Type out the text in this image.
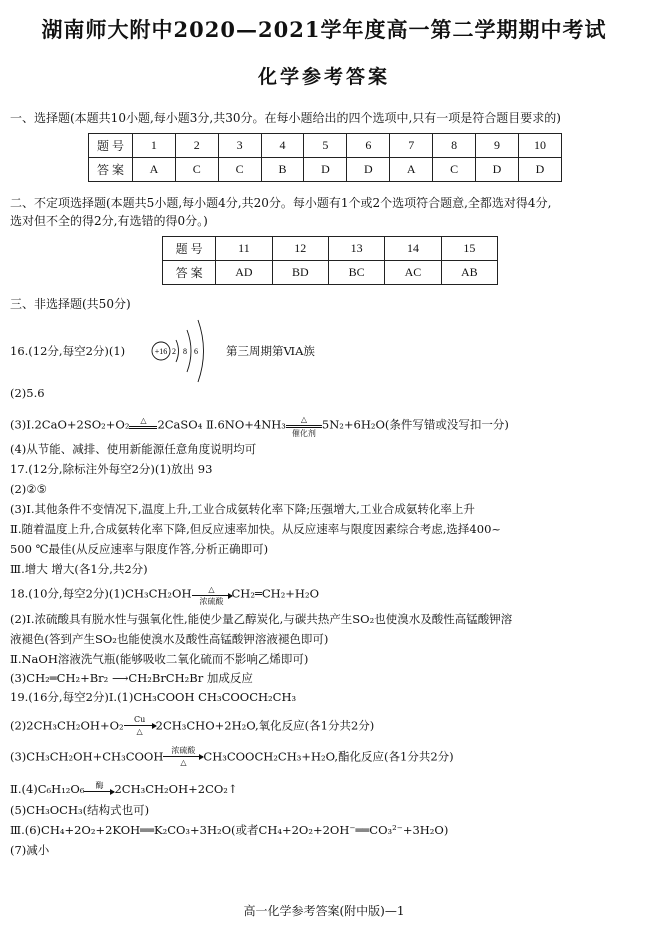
湖南师大附中2020—2021学年度高一第二学期期中考试
化学参考答案
一、选择题(本题共10小题,每小题3分,共30分。在每小题给出的四个选项中,只有一项是符合题目要求的)
题 号	1	2	3	4	5	6	7	8	9	10
答 案	A	C	C	B	D	D	A	C	D	D
二、不定项选择题(本题共5小题,每小题4分,共20分。每小题有1个或2个选项符合题意,全都选对得4分,
选对但不全的得2分,有选错的得0分。)
题 号	11	12	13	14	15
答 案	AD	BD	BC	AC	AB
三、非选择题(共50分)
16.(12分,每空2分)(1)	+16 2 8 6 第三周期第ⅥA族
(2)5.6
(3)Ⅰ.2CaO+2SO₂+O₂	△ 2CaSO₄ Ⅱ.6NO+4NH₃	△
催化剂
5N₂+6H₂O(条件写错或没写扣一分)
(4)从节能、减排、使用新能源任意角度说明均可
17.(12分,除标注外每空2分)(1)放出 93
(2)②⑤
(3)Ⅰ.其他条件不变情况下,温度上升,工业合成氨转化率下降;压强增大,工业合成氨转化率上升
Ⅱ.随着温度上升,合成氨转化率下降,但反应速率加快。从反应速率与限度因素综合考虑,选择400~
500 ℃最佳(从反应速率与限度作答,分析正确即可)
Ⅲ.增大 增大(各1分,共2分)
18.(10分,每空2分)(1)CH₃CH₂OH	△
浓硫酸
CH₂═CH₂+H₂O
(2)Ⅰ.浓硫酸具有脱水性与强氧化性,能使少量乙醇炭化,与碳共热产生SO₂也使溴水及酸性高锰酸钾溶
液褪色(答到产生SO₂也能使溴水及酸性高锰酸钾溶液褪色即可)
Ⅱ.NaOH溶液洗气瓶(能够吸收二氧化硫而不影响乙烯即可)
(3)CH₂═CH₂+Br₂ ⟶CH₂BrCH₂Br 加成反应
19.(16分,每空2分)Ⅰ.(1)CH₃COOH CH₃COOCH₂CH₃
(2)2CH₃CH₂OH+O₂	Cu
△	2CH₃CHO+2H₂O,氧化反应(各1分共2分)
(3)CH₃CH₂OH+CH₃COOH	浓硫酸
△	CH₃COOCH₂CH₃+H₂O,酯化反应(各1分共2分)
Ⅱ.(4)C₆H₁₂O₆	酶 2CH₃CH₂OH+2CO₂↑
(5)CH₃OCH₃(结构式也可)
Ⅲ.(6)CH₄+2O₂+2KOH══K₂CO₃+3H₂O(或者CH₄+2O₂+2OH⁻══CO₃²⁻+3H₂O)
(7)减小
高一化学参考答案(附中版)—1
